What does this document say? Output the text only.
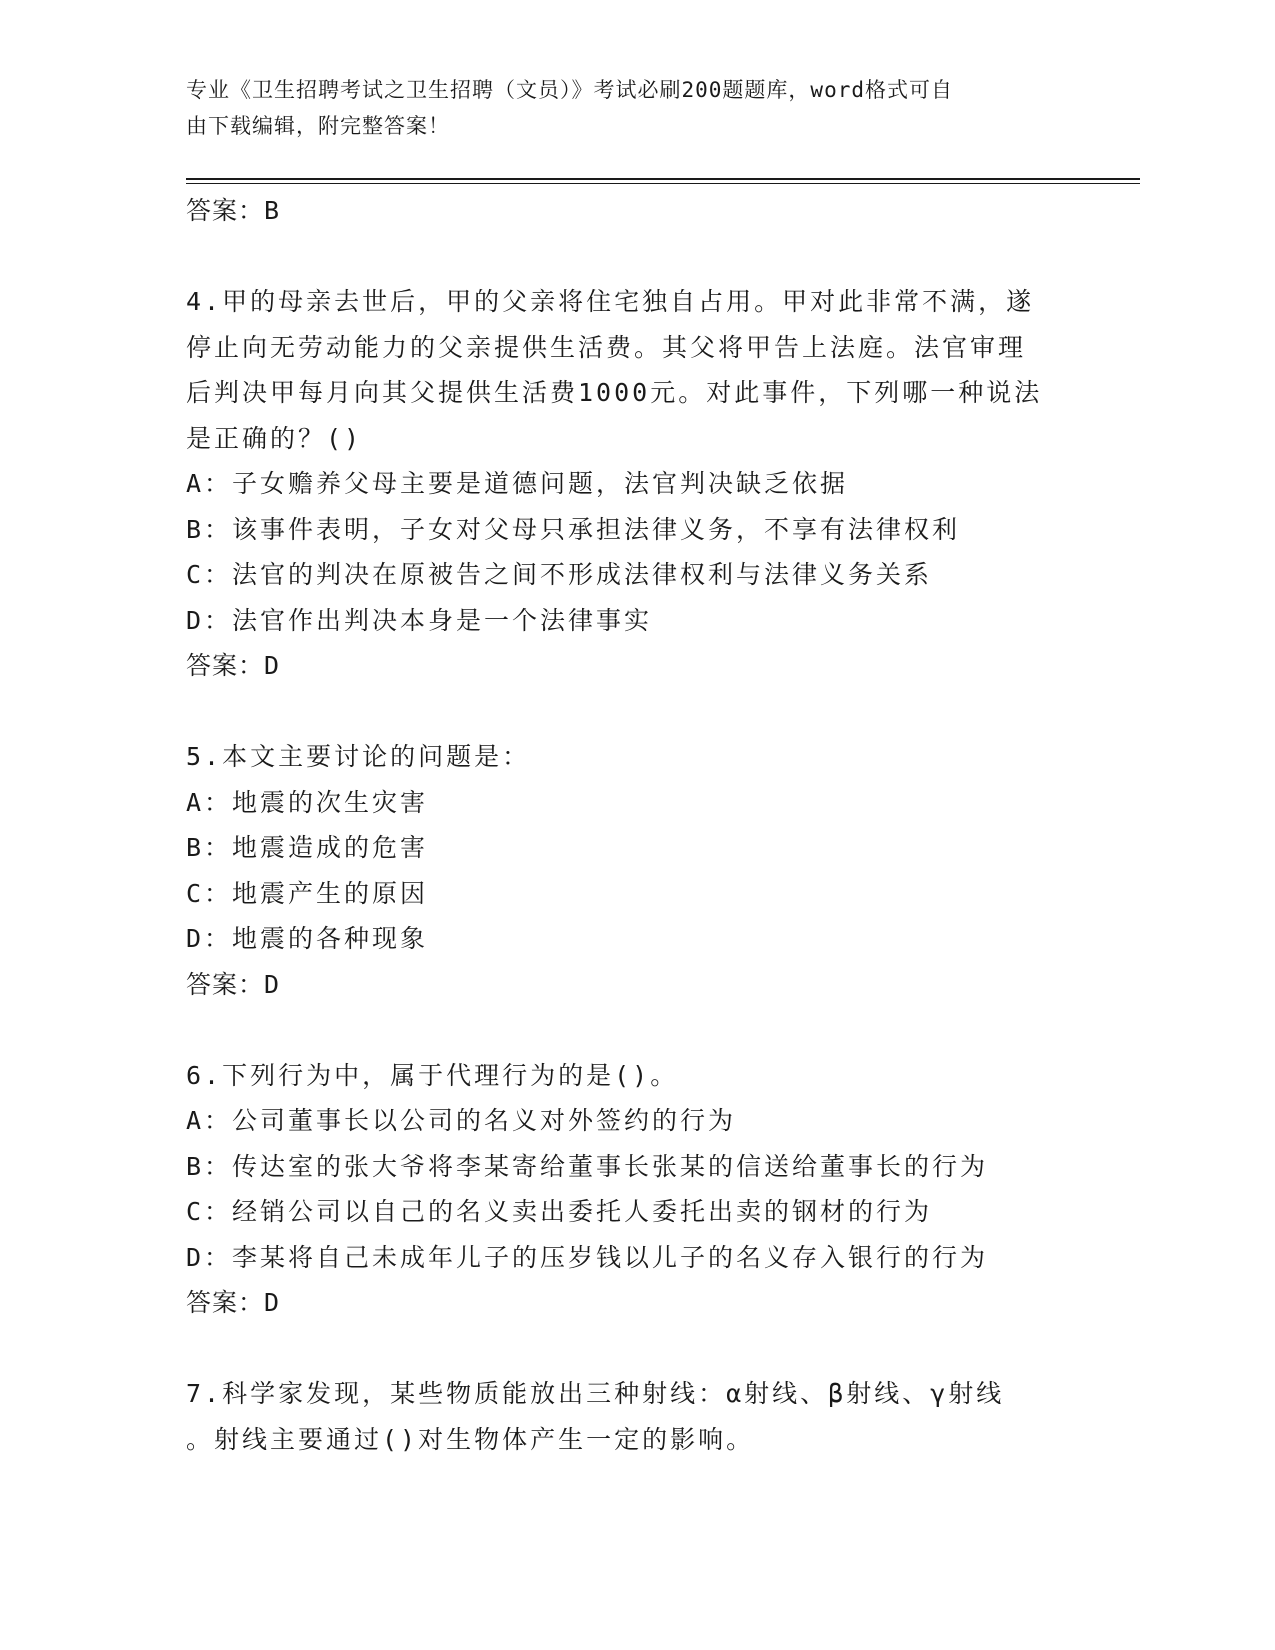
专业《卫生招聘考试之卫生招聘（文员）》考试必刷200题题库，word格式可自
由下载编辑，附完整答案！
答案：B
4.甲的母亲去世后，甲的父亲将住宅独自占用。甲对此非常不满，遂
停止向无劳动能力的父亲提供生活费。其父将甲告上法庭。法官审理
后判决甲每月向其父提供生活费1000元。对此事件，下列哪一种说法
是正确的？()
A：子女赡养父母主要是道德问题，法官判决缺乏依据
B：该事件表明，子女对父母只承担法律义务，不享有法律权利
C：法官的判决在原被告之间不形成法律权利与法律义务关系
D：法官作出判决本身是一个法律事实
答案：D
5.本文主要讨论的问题是：
A：地震的次生灾害
B：地震造成的危害
C：地震产生的原因
D：地震的各种现象
答案：D
6.下列行为中，属于代理行为的是()。
A：公司董事长以公司的名义对外签约的行为
B：传达室的张大爷将李某寄给董事长张某的信送给董事长的行为
C：经销公司以自己的名义卖出委托人委托出卖的钢材的行为
D：李某将自己未成年儿子的压岁钱以儿子的名义存入银行的行为
答案：D
7.科学家发现，某些物质能放出三种射线：α射线、β射线、γ射线
。射线主要通过()对生物体产生一定的影响。
